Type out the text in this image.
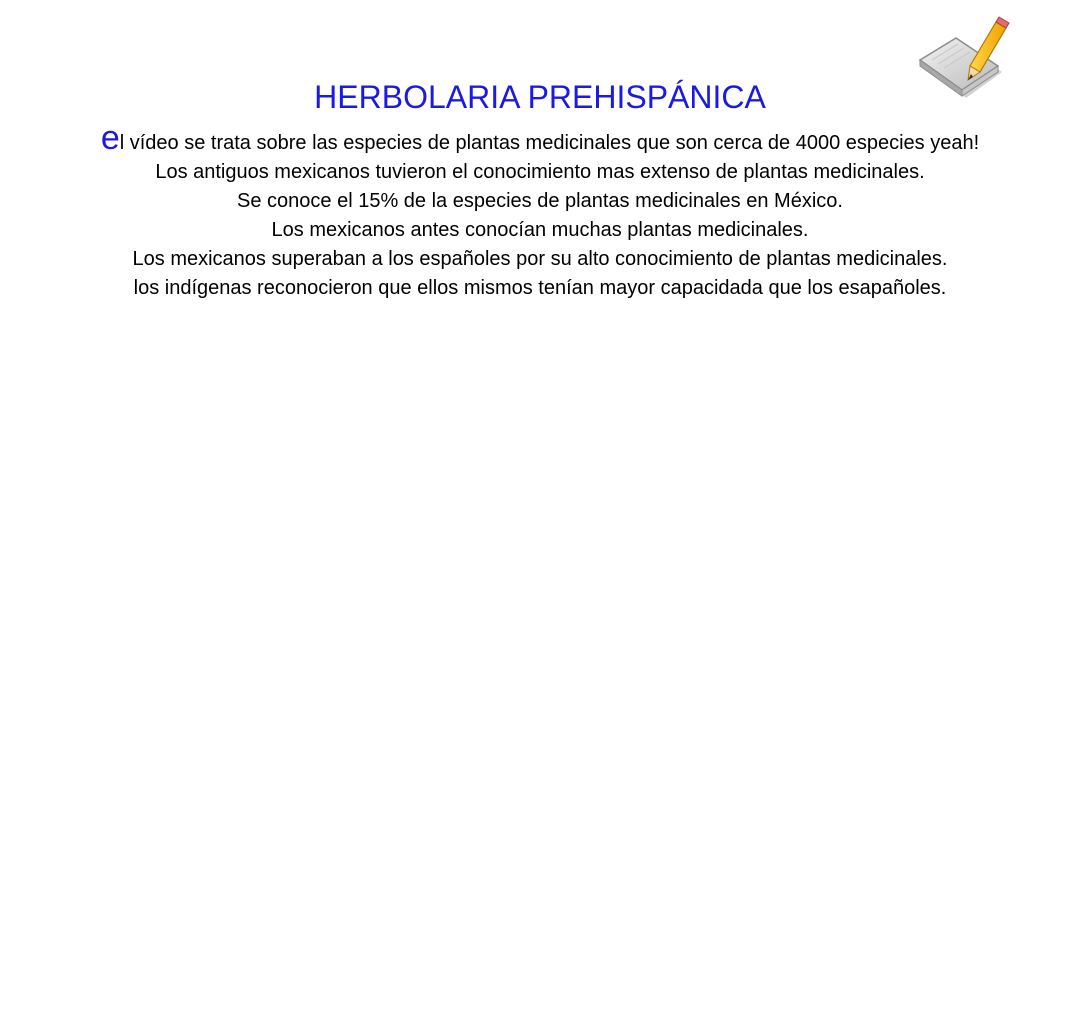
HERBOLARIA PREHISPÁNICA

el vídeo se trata sobre las especies de plantas medicinales que son cerca de 4000 especies yeah!

Los antiguos mexicanos tuvieron el conocimiento mas extenso de plantas medicinales.

Se conoce el 15% de la especies de plantas medicinales en México.

Los mexicanos antes conocían muchas plantas medicinales.

Los mexicanos superaban a los españoles por su alto conocimiento de plantas medicinales.

los indígenas reconocieron que ellos mismos tenían mayor capacidada que los esapañoles.
